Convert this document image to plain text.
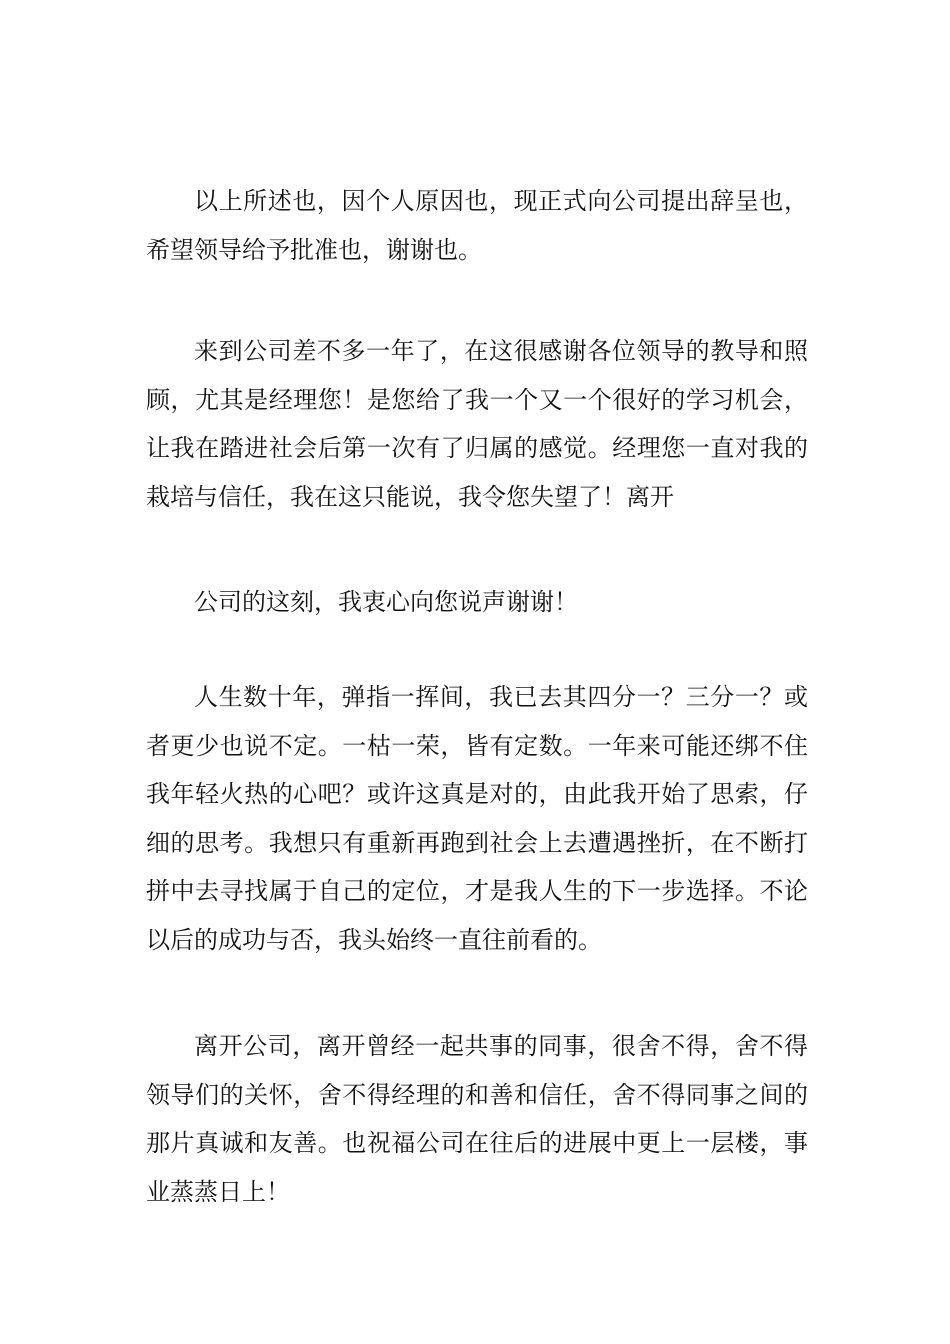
以上所述也，因个人原因也，现正式向公司提出辞呈也，希望领导给予批准也，谢谢也。

来到公司差不多一年了，在这很感谢各位领导的教导和照顾，尤其是经理您！是您给了我一个又一个很好的学习机会，让我在踏进社会后第一次有了归属的感觉。经理您一直对我的栽培与信任，我在这只能说，我令您失望了！离开

公司的这刻，我衷心向您说声谢谢！

人生数十年，弹指一挥间，我已去其四分一？三分一？或者更少也说不定。一枯一荣，皆有定数。一年来可能还绑不住我年轻火热的心吧？或许这真是对的，由此我开始了思索，仔细的思考。我想只有重新再跑到社会上去遭遇挫折，在不断打拼中去寻找属于自己的定位，才是我人生的下一步选择。不论以后的成功与否，我头始终一直往前看的。

离开公司，离开曾经一起共事的同事，很舍不得，舍不得领导们的关怀，舍不得经理的和善和信任，舍不得同事之间的那片真诚和友善。也祝福公司在往后的进展中更上一层楼，事业蒸蒸日上！
